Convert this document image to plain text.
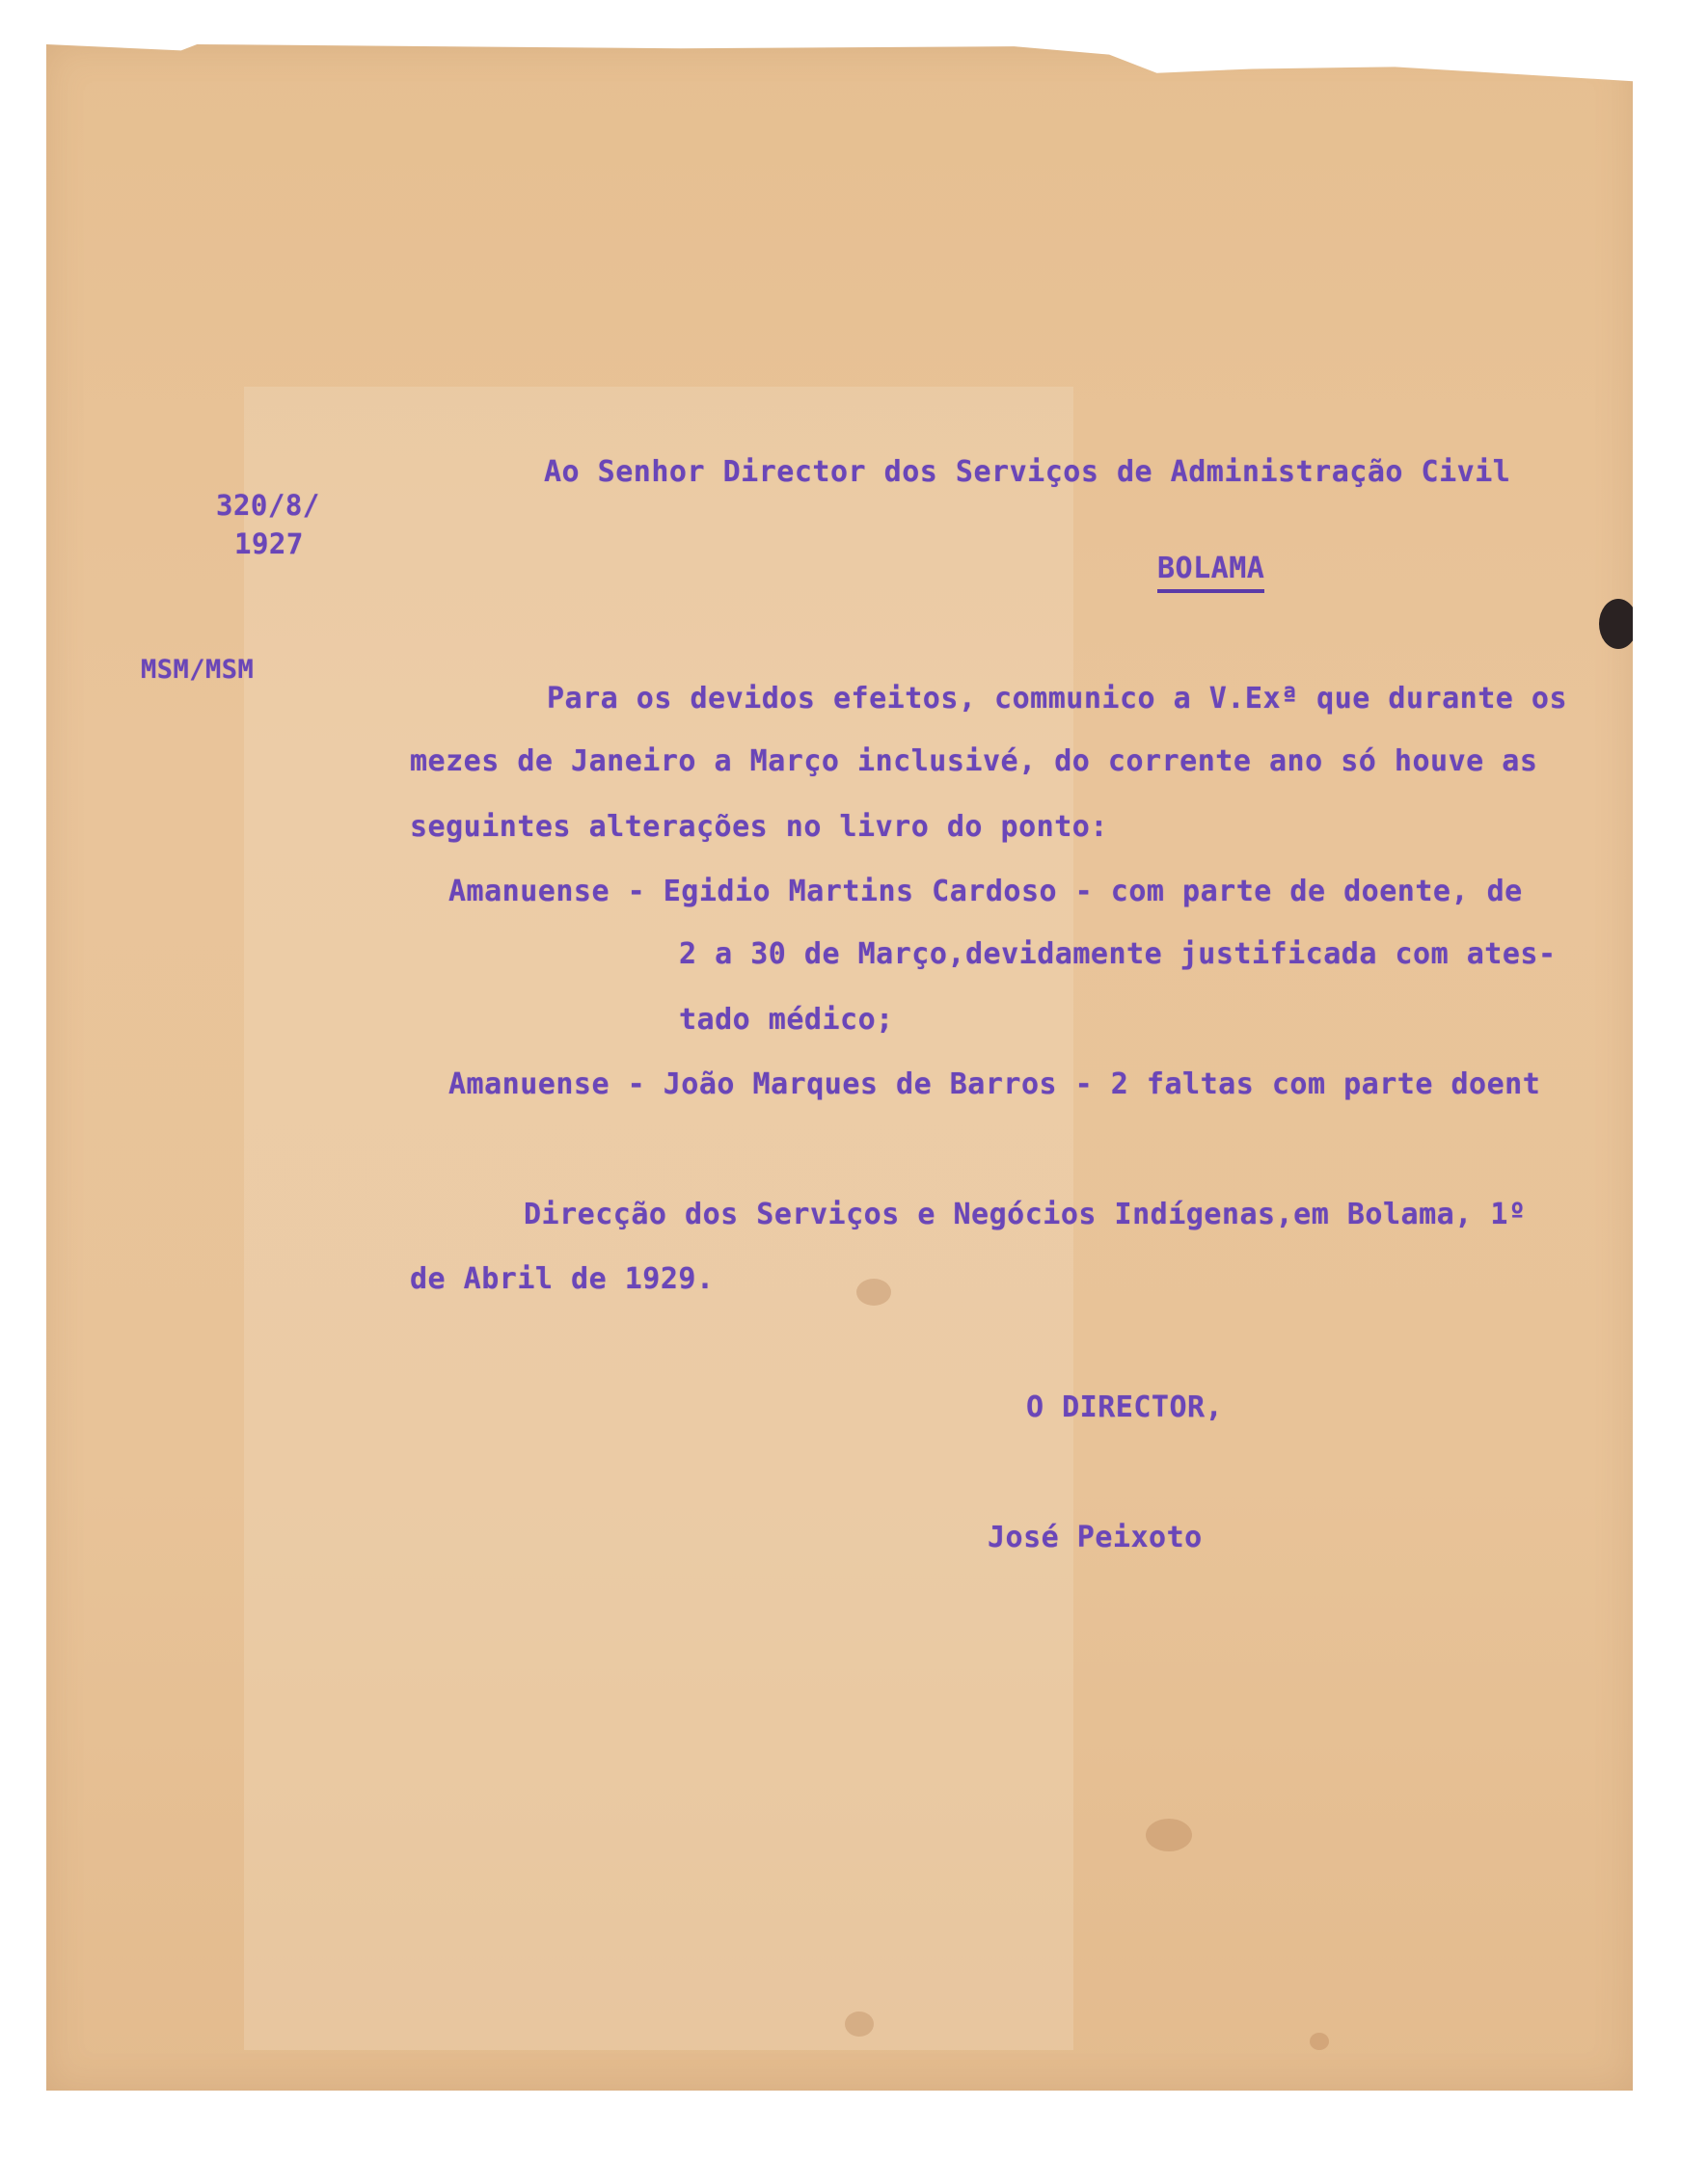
320/8/
1927
MSM/MSM
Ao Senhor Director dos Serviços de Administração Civil
BOLAMA
Para os devidos efeitos, communico a V.Exª que durante os
mezes de Janeiro a Março inclusivé, do corrente ano só houve as
seguintes alterações no livro do ponto:
Amanuense - Egidio Martins Cardoso - com parte de doente, de
2 a 30 de Março,devidamente justificada com ates-
tado médico;
Amanuense - João Marques de Barros - 2 faltas com parte doent
Direcção dos Serviços e Negócios Indígenas,em Bolama, 1º
de Abril de 1929.
O DIRECTOR,
José Peixoto
